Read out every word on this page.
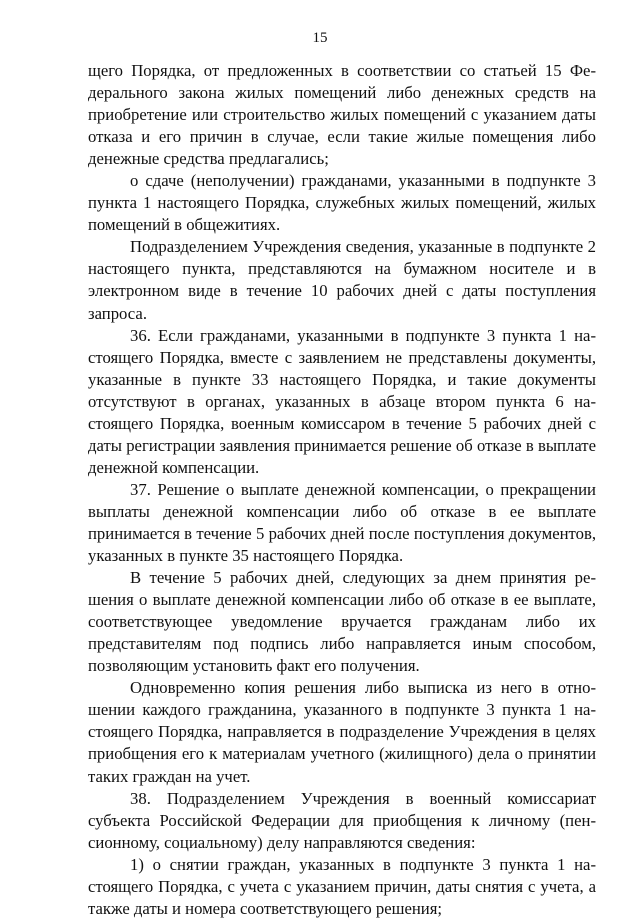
15

щего Порядка, от предложенных в соответствии со статьей 15 Федерального закона жилых помещений либо денежных средств на приобретение или строительство жилых помещений с указанием даты отказа и его причин в случае, если такие жилые помещения либо денежные средства предлагались;

о сдаче (неполучении) гражданами, указанными в подпункте 3 пункта 1 настоящего Порядка, служебных жилых помещений, жилых помещений в общежитиях.

Подразделением Учреждения сведения, указанные в подпункте 2 настоящего пункта, представляются на бумажном носителе и в электронном виде в течение 10 рабочих дней с даты поступления запроса.

36. Если гражданами, указанными в подпункте 3 пункта 1 настоящего Порядка, вместе с заявлением не представлены документы, указанные в пункте 33 настоящего Порядка, и такие документы отсутствуют в органах, указанных в абзаце втором пункта 6 настоящего Порядка, военным комиссаром в течение 5 рабочих дней с даты регистрации заявления принимается решение об отказе в выплате денежной компенсации.

37. Решение о выплате денежной компенсации, о прекращении выплаты денежной компенсации либо об отказе в ее выплате принимается в течение 5 рабочих дней после поступления документов, указанных в пункте 35 настоящего Порядка.

В течение 5 рабочих дней, следующих за днем принятия решения о выплате денежной компенсации либо об отказе в ее выплате, соответствующее уведомление вручается гражданам либо их представителям под подпись либо направляется иным способом, позволяющим установить факт его получения.

Одновременно копия решения либо выписка из него в отношении каждого гражданина, указанного в подпункте 3 пункта 1 настоящего Порядка, направляется в подразделение Учреждения в целях приобщения его к материалам учетного (жилищного) дела о принятии таких граждан на учет.

38. Подразделением Учреждения в военный комиссариат субъекта Российской Федерации для приобщения к личному (пенсионному, социальному) делу направляются сведения:

1) о снятии граждан, указанных в подпункте 3 пункта 1 настоящего Порядка, с учета с указанием причин, даты снятия с учета, а также даты и номера соответствующего решения;
